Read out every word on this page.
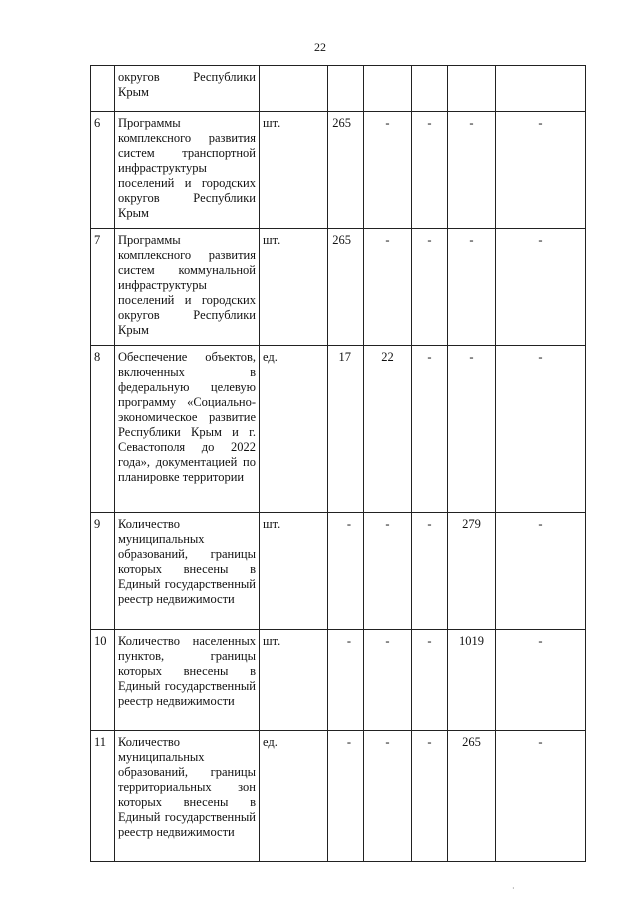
22
	округов Республики Крым						
6	Программы комплексного развития систем транспортной инфраструктуры поселений и городских округов Республики Крым	шт.	265	-	-	-	-
7	Программы комплексного развития систем коммунальной инфраструктуры поселений и городских округов Республики Крым	шт.	265	-	-	-	-
8	Обеспечение объектов, включенных в федеральную целевую программу «Социально-экономическое развитие Республики Крым и г. Севастополя до 2022 года», документацией по планировке территории	ед.	17	22	-	-	-
9	Количество муниципальных образований, границы которых внесены в Единый государственный реестр недвижимости	шт.	-	-	-	279	-
10	Количество населенных пунктов, границы которых внесены в Единый государственный реестр недвижимости	шт.	-	-	-	1019	-
11	Количество муниципальных образований, границы территориальных зон которых внесены в Единый государственный реестр недвижимости	ед.	-	-	-	265	-
·
